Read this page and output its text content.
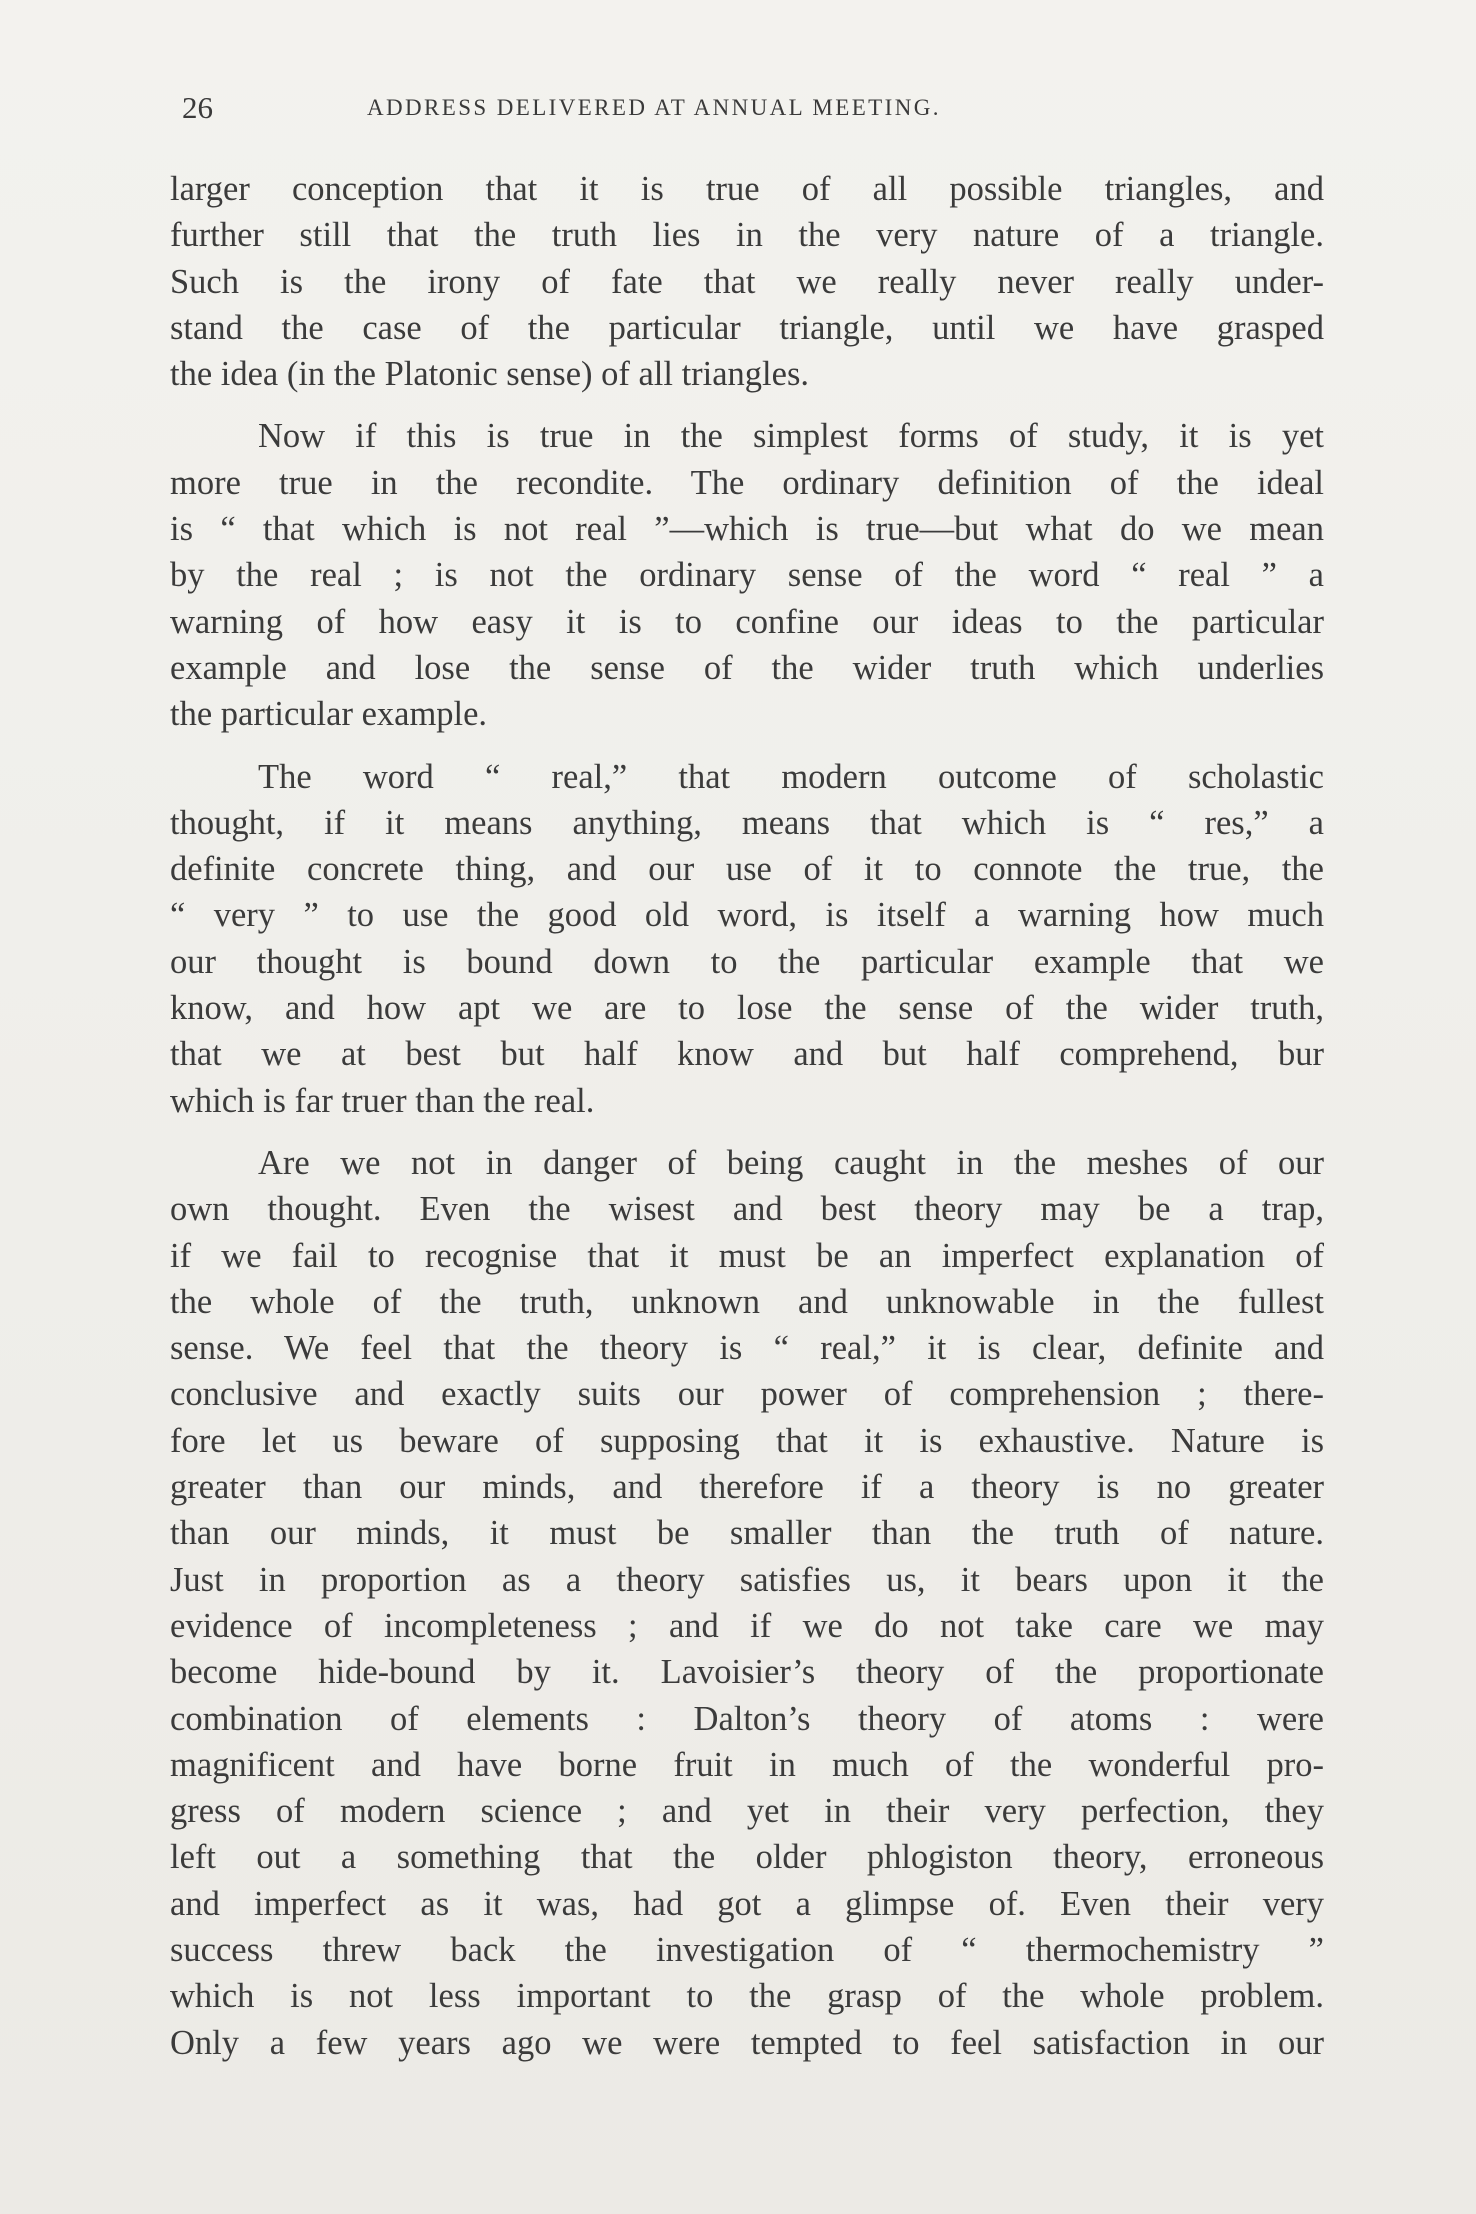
26	ADDRESS DELIVERED AT ANNUAL MEETING.
larger conception that it is true of all possible triangles, and
further still that the truth lies in the very nature of a triangle.
Such is the irony of fate that we really never really under-
stand the case of the particular triangle, until we have grasped
the idea (in the Platonic sense) of all triangles.
Now if this is true in the simplest forms of study, it is yet
more true in the recondite. The ordinary definition of the ideal
is “ that which is not real ”—which is true—but what do we mean
by the real ; is not the ordinary sense of the word “ real ” a
warning of how easy it is to confine our ideas to the particular
example and lose the sense of the wider truth which underlies
the particular example.
The word “ real,” that modern outcome of scholastic
thought, if it means anything, means that which is “ res,” a
definite concrete thing, and our use of it to connote the true, the
“ very ” to use the good old word, is itself a warning how much
our thought is bound down to the particular example that we
know, and how apt we are to lose the sense of the wider truth,
that we at best but half know and but half comprehend, bur
which is far truer than the real.
Are we not in danger of being caught in the meshes of our
own thought. Even the wisest and best theory may be a trap,
if we fail to recognise that it must be an imperfect explanation of
the whole of the truth, unknown and unknowable in the fullest
sense. We feel that the theory is “ real,” it is clear, definite and
conclusive and exactly suits our power of comprehension ; there-
fore let us beware of supposing that it is exhaustive. Nature is
greater than our minds, and therefore if a theory is no greater
than our minds, it must be smaller than the truth of nature.
Just in proportion as a theory satisfies us, it bears upon it the
evidence of incompleteness ; and if we do not take care we may
become hide-bound by it. Lavoisier’s theory of the proportionate
combination of elements : Dalton’s theory of atoms : were
magnificent and have borne fruit in much of the wonderful pro-
gress of modern science ; and yet in their very perfection, they
left out a something that the older phlogiston theory, erroneous
and imperfect as it was, had got a glimpse of. Even their very
success threw back the investigation of “ thermochemistry ”
which is not less important to the grasp of the whole problem.
Only a few years ago we were tempted to feel satisfaction in our
